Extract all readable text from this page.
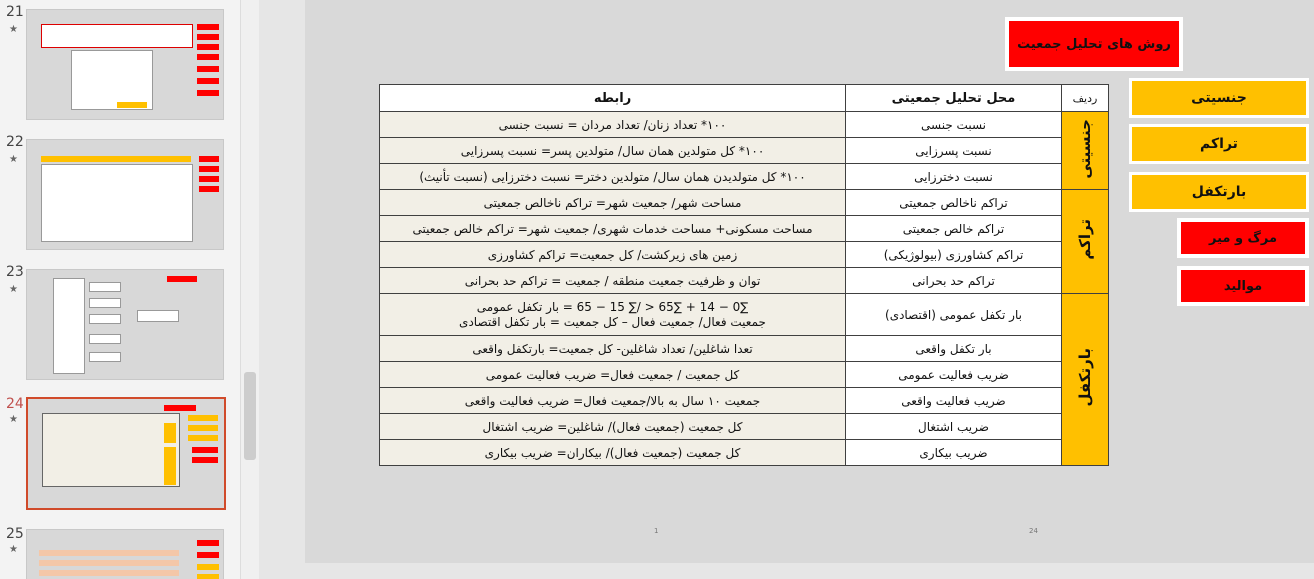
21
★
22
★
23
★
24
★
25
★
روش های تحلیل جمعیت
جنسیتی
تراکم
بارتکفل
مرگ و میر
موالید
رابطه	محل تحلیل جمعیتی	ردیف
۱۰۰* تعداد زنان/ تعداد مردان = نسبت جنسی	نسبت جنسی	جنسیتی
۱۰۰* کل متولدین همان سال/ متولدین پسر= نسبت پسرزایی	نسبت پسرزایی	
۱۰۰* کل متولدیدن همان سال/ متولدین دختر= نسبت دخترزایی (نسبت تأنیث)	نسبت دخترزایی	
مساحت شهر/ جمعیت شهر= تراکم ناخالص جمعیتی	تراکم ناخالص جمعیتی	تراکم
مساحت مسکونی+ مساحت خدمات شهری/ جمعیت شهر= تراکم خالص جمعیتی	تراکم خالص جمعیتی	
زمین های زیرکشت/ کل جمعیت= تراکم کشاورزی	تراکم کشاورزی (بیولوژیکی)	
توان و ظرفیت جمعیت منطقه / جمعیت = تراکم حد بحرانی	تراکم حد بحرانی	

∑0 − 14 + ∑65 < /∑ 15 − 65 = بار تکفل عمومی
جمعیت فعال/ جمعیت فعال – کل جمعیت = بار تکفل اقتصادی	بار تکفل عمومی (اقتصادی)	بارتکفل
تعدا شاغلین/ تعداد شاغلین- کل جمعیت= بارتکفل واقعی	بار تکفل واقعی	
کل جمعیت / جمعیت فعال= ضریب فعالیت عمومی	ضریب فعالیت عمومی	
جمعیت ۱۰ سال به بالا/جمعیت فعال= ضریب فعالیت واقعی	ضریب فعالیت واقعی	
کل جمعیت (جمعیت فعال)/ شاغلین= ضریب اشتغال	ضریب اشتغال	
کل جمعیت (جمعیت فعال)/ بیکاران= ضریب بیکاری	ضریب بیکاری	
1	24
